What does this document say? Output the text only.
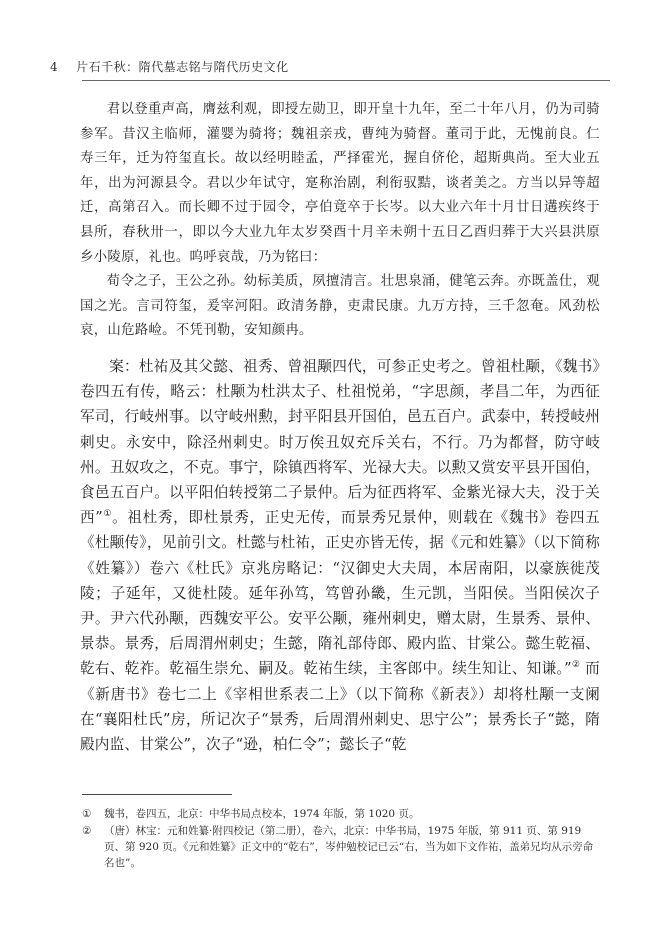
4 片石千秋：隋代墓志铭与隋代历史文化

君以登重声高，膺兹利观，即授左勋卫，即开皇十九年，至二十年八月，仍为司骑参军。昔汉主临师，灌婴为骑将；魏祖亲戎，曹纯为骑督。董司于此，无愧前良。仁寿三年，迁为符玺直长。故以经明睦孟，严择霍光，握自侪伦，超斯典尚。至大业五年，出为河源县令。君以少年试守，寔称治剧，利衔驭黠，谈者美之。方当以异等超迁，高第召入。而长卿不过于园令，亭伯竟卒于长岑。以大业六年十月廿日遘疾终于县所，春秋卅一，即以今大业九年太岁癸酉十月辛未朔十五日乙酉归葬于大兴县洪原乡小陵原，礼也。呜呼哀哉，乃为铭曰：

荀令之子，王公之孙。幼标美质，夙擅清言。壮思泉涌，健笔云奔。亦既盖仕，观国之光。言司符玺，爰宰河阳。政清务静，吏肃民康。九万方持，三千忽奄。风劲松哀，山危路崄。不凭刊勒，安知颜冉。

案：杜祐及其父懿、祖秀、曾祖颙四代，可参正史考之。曾祖杜颙，《魏书》卷四五有传，略云：杜颙为杜洪太子、杜祖悦弟，“字思颜，孝昌二年，为西征军司，行岐州事。以守岐州勲，封平阳县开国伯，邑五百户。武泰中，转授岐州刺史。永安中，除泾州刺史。时万俟丑奴充斥关右，不行。乃为都督，防守岐州。丑奴攻之，不克。事宁，除镇西将军、光禄大夫。以勲又赏安平县开国伯，食邑五百户。以平阳伯转授第二子景仲。后为征西将军、金紫光禄大夫，没于关西”①。祖杜秀，即杜景秀，正史无传，而景秀兄景仲，则载在《魏书》卷四五《杜颙传》，见前引文。杜懿与杜祐，正史亦皆无传，据《元和姓纂》（以下简称《姓纂》）卷六《杜氏》京兆房略记：“汉御史大夫周，本居南阳，以豪族徙茂陵；子延年，又徙杜陵。延年孙笃，笃曾孙畿，生元凯，当阳侯。当阳侯次子尹。尹六代孙颙，西魏安平公。安平公颙，雍州刺史，赠太尉，生景秀、景仲、景恭。景秀，后周渭州刺史；生懿，隋礼部侍郎、殿内监、甘棠公。懿生乾福、乾右、乾祚。乾福生崇允、嗣及。乾祐生续，主客郎中。续生知让、知谦。”② 而《新唐书》卷七二上《宰相世系表二上》（以下简称《新表》）却将杜颙一支阑在“襄阳杜氏”房，所记次子“景秀，后周渭州刺史、思宁公”；景秀长子“懿，隋殿内监、甘棠公”，次子“逊，柏仁令”；懿长子“乾

① 魏书，卷四五，北京：中华书局点校本，1974 年版，第 1020 页。
② （唐）林宝：元和姓纂·附四校记（第二册），卷六，北京：中华书局，1975 年版，第 911 页、第 919 页、第 920 页。《元和姓纂》正文中的“乾右”，岑仲勉校记已云“右，当为如下文作祐，盖弟兄均从示旁命名也”。
